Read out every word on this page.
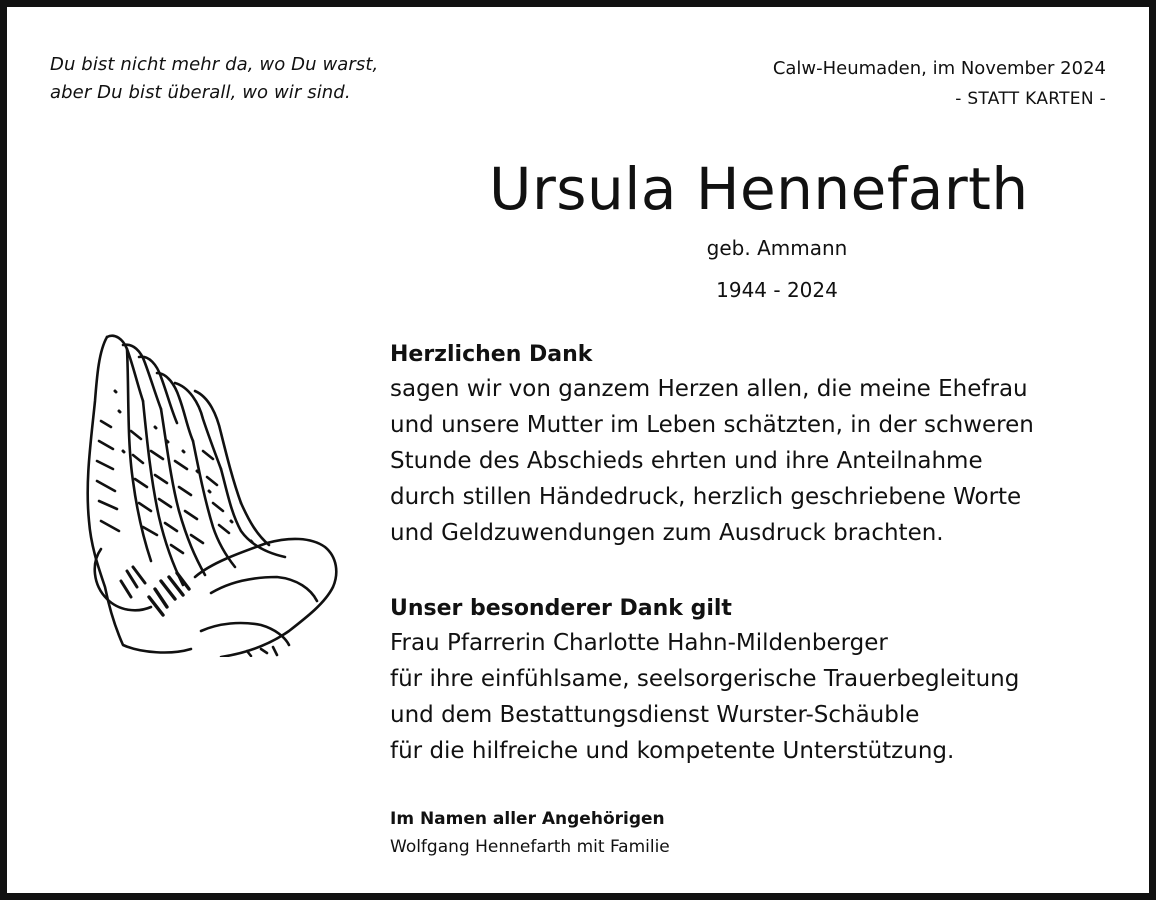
Du bist nicht mehr da, wo Du warst,
aber Du bist überall, wo wir sind.
Calw-Heumaden, im November 2024
- STATT KARTEN -
Ursula Hennefarth
geb. Ammann
1944 - 2024
Herzlichen Dank
sagen wir von ganzem Herzen allen, die meine Ehefrau
und unsere Mutter im Leben schätzten, in der schweren
Stunde des Abschieds ehrten und ihre Anteilnahme
durch stillen Händedruck, herzlich geschriebene Worte
und Geldzuwendungen zum Ausdruck brachten.
Unser besonderer Dank gilt
Frau Pfarrerin Charlotte Hahn-Mildenberger
für ihre einfühlsame, seelsorgerische Trauerbegleitung
und dem Bestattungsdienst Wurster-Schäuble
für die hilfreiche und kompetente Unterstützung.
Im Namen aller Angehörigen
Wolfgang Hennefarth mit Familie
